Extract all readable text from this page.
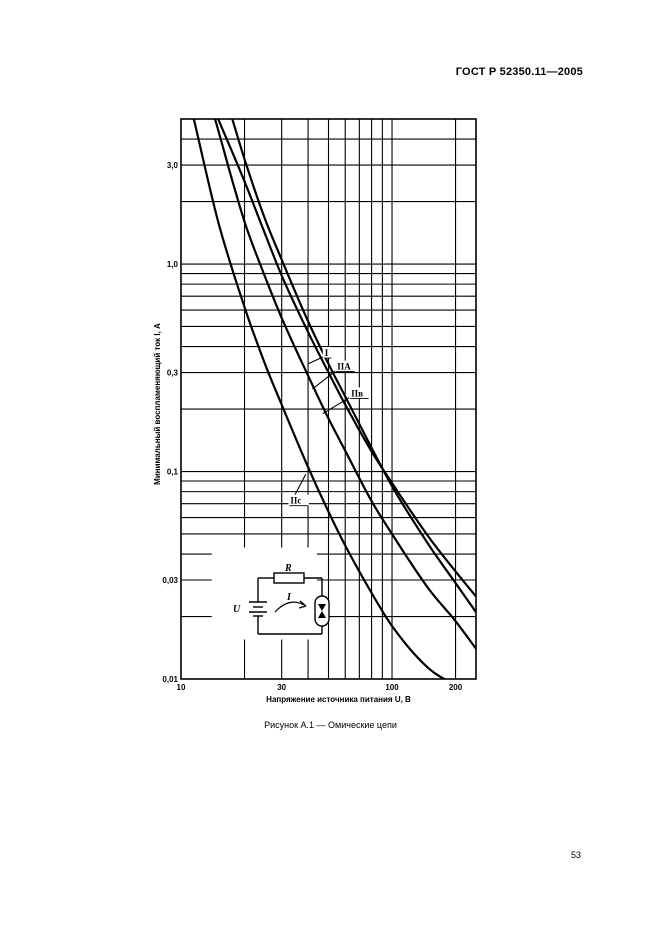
ГОСТ Р 52350.11—2005
10	30	100	200
0,01
0,03
0,1
0,3
1,0
3,0
R
I
U
I
IIA
IIв
IIс
Напряжение источника питания U, В
Минимальный воспламеняющий ток I, А
Рисунок А.1 — Омические цепи
53
